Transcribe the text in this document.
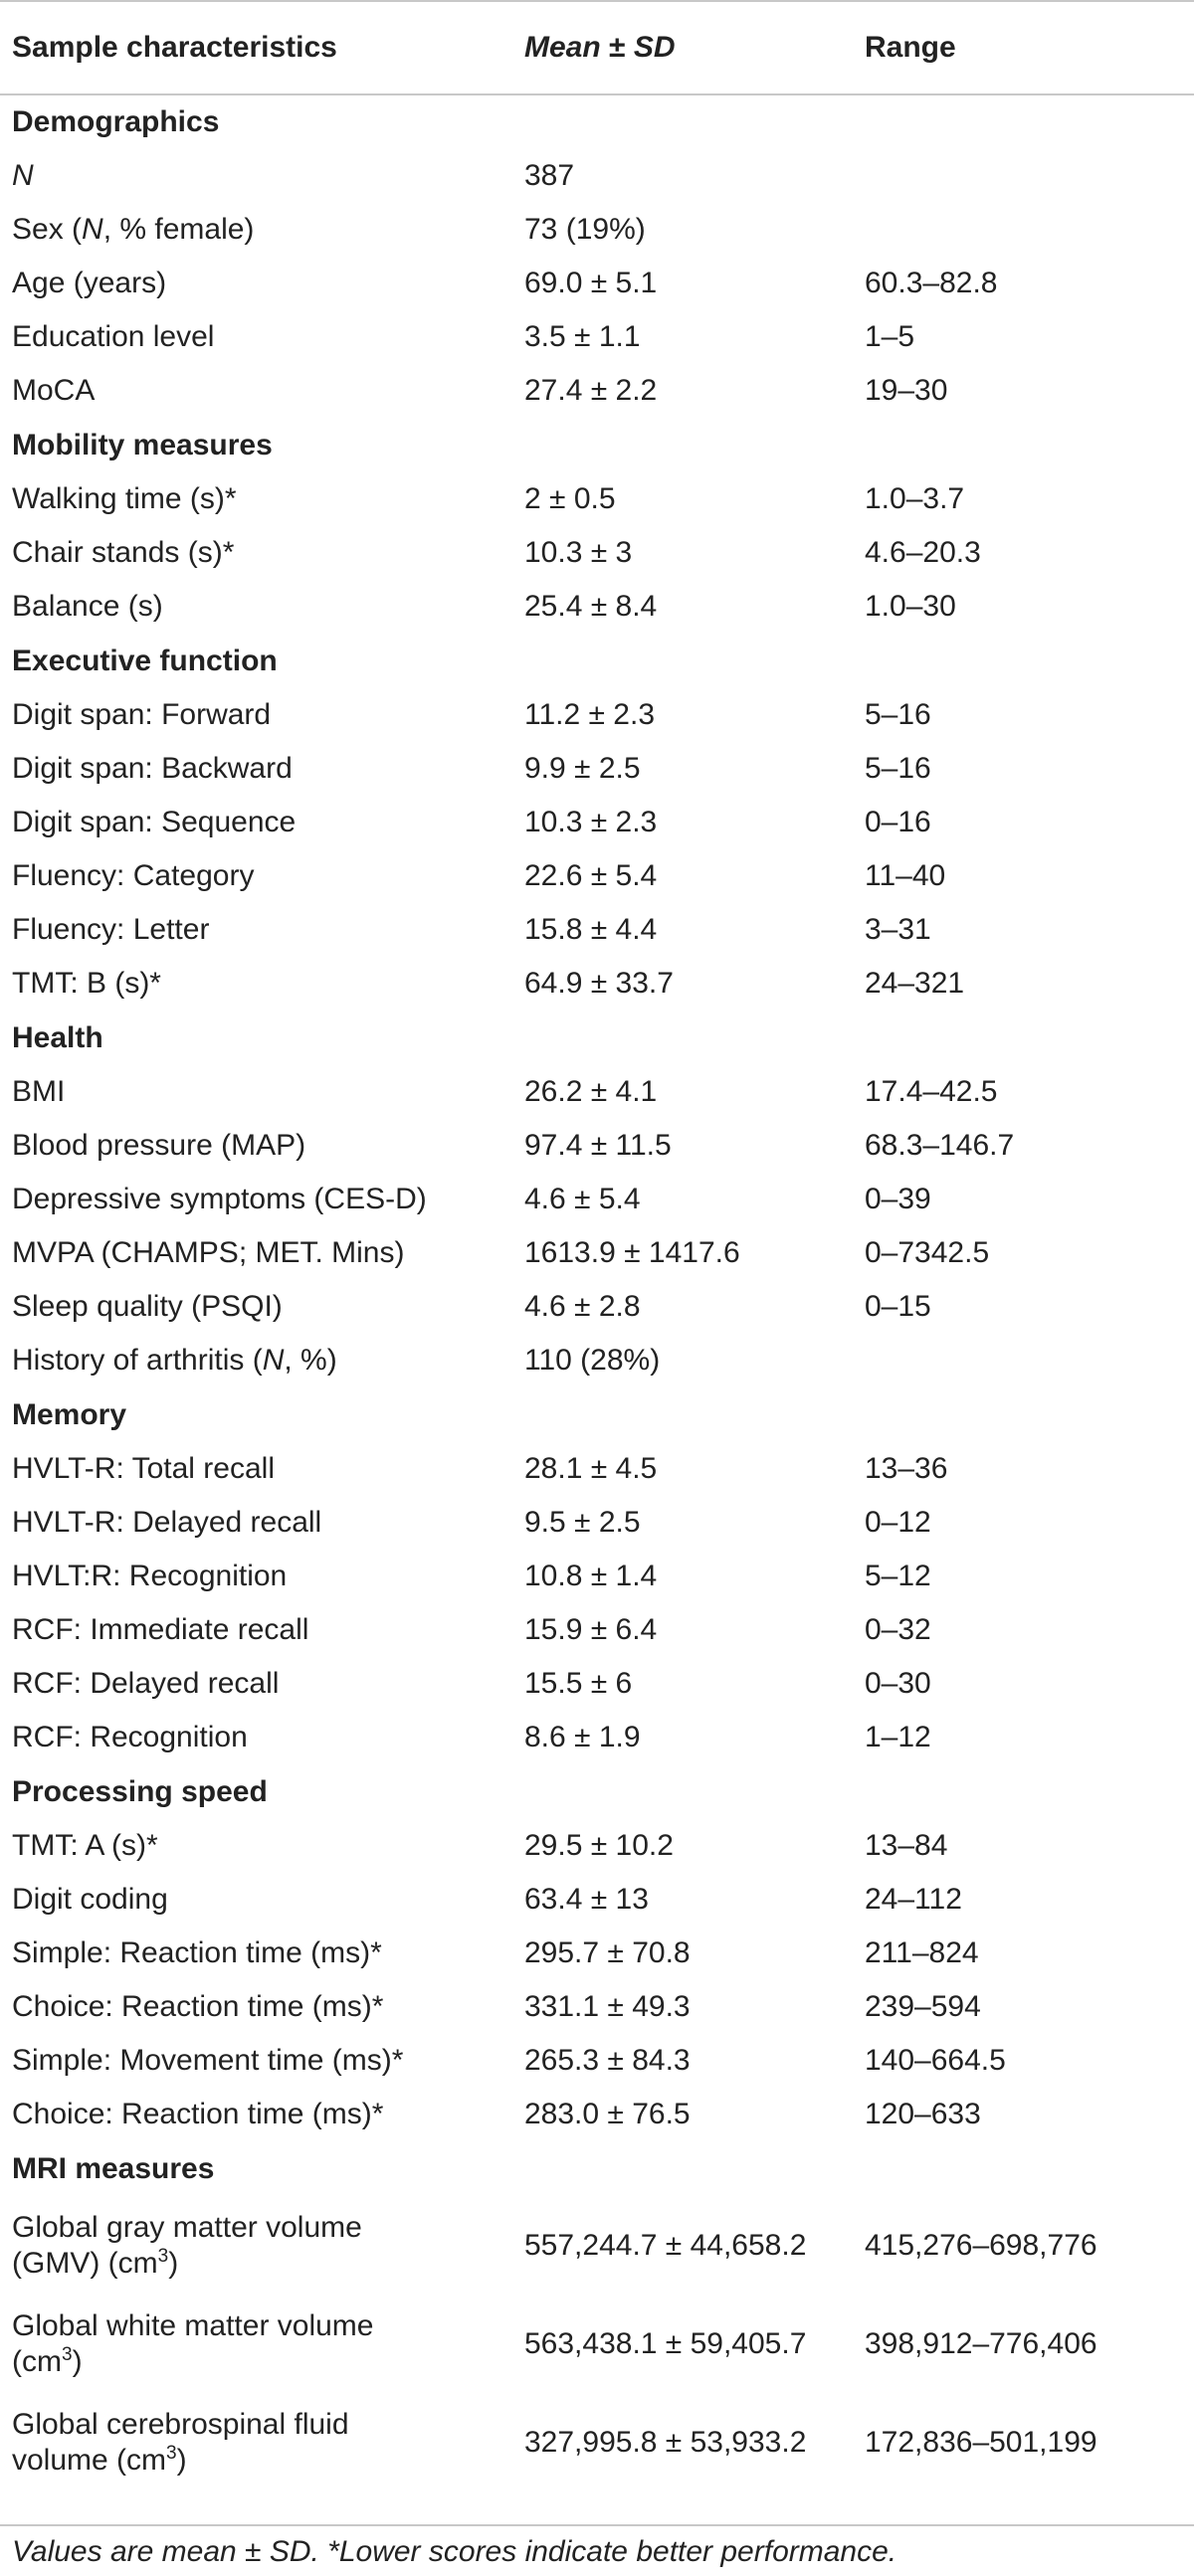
Sample characteristics	Mean ± SD	Range
Demographics		
N	387	
Sex (N, % female)	73 (19%)	
Age (years)	69.0 ± 5.1	60.3–82.8
Education level	3.5 ± 1.1	1–5
MoCA	27.4 ± 2.2	19–30
Mobility measures		
Walking time (s)*	2 ± 0.5	1.0–3.7
Chair stands (s)*	10.3 ± 3	4.6–20.3
Balance (s)	25.4 ± 8.4	1.0–30
Executive function		
Digit span: Forward	11.2 ± 2.3	5–16
Digit span: Backward	9.9 ± 2.5	5–16
Digit span: Sequence	10.3 ± 2.3	0–16
Fluency: Category	22.6 ± 5.4	11–40
Fluency: Letter	15.8 ± 4.4	3–31
TMT: B (s)*	64.9 ± 33.7	24–321
Health		
BMI	26.2 ± 4.1	17.4–42.5
Blood pressure (MAP)	97.4 ± 11.5	68.3–146.7
Depressive symptoms (CES-D)	4.6 ± 5.4	0–39
MVPA (CHAMPS; MET. Mins)	1613.9 ± 1417.6	0–7342.5
Sleep quality (PSQI)	4.6 ± 2.8	0–15
History of arthritis (N, %)	110 (28%)	
Memory		
HVLT-R: Total recall	28.1 ± 4.5	13–36
HVLT-R: Delayed recall	9.5 ± 2.5	0–12
HVLT:R: Recognition	10.8 ± 1.4	5–12
RCF: Immediate recall	15.9 ± 6.4	0–32
RCF: Delayed recall	15.5 ± 6	0–30
RCF: Recognition	8.6 ± 1.9	1–12
Processing speed		
TMT: A (s)*	29.5 ± 10.2	13–84
Digit coding	63.4 ± 13	24–112
Simple: Reaction time (ms)*	295.7 ± 70.8	211–824
Choice: Reaction time (ms)*	331.1 ± 49.3	239–594
Simple: Movement time (ms)*	265.3 ± 84.3	140–664.5
Choice: Reaction time (ms)*	283.0 ± 76.5	120–633
MRI measures		
Global gray matter volume
(GMV) $(cm^3)$	557,244.7 ± 44,658.2	415,276–698,776
Global white matter volume
$(cm^3)$	563,438.1 ± 59,405.7	398,912–776,406
Global cerebrospinal fluid
volume $(cm^3)$	327,995.8 ± 53,933.2	172,836–501,199
Values are mean ± SD. *Lower scores indicate better performance.
